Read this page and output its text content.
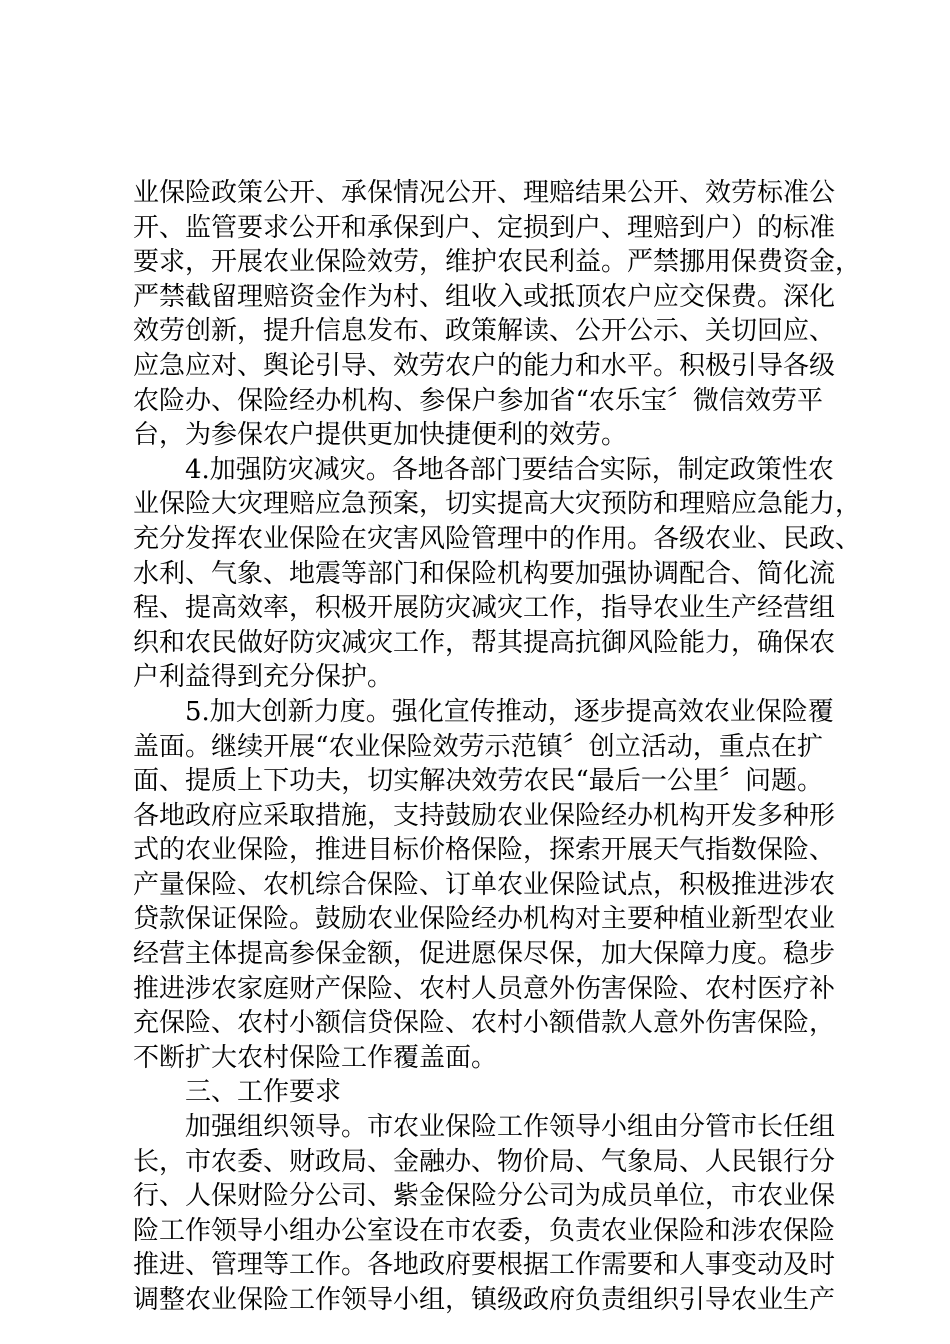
业保险政策公开、承保情况公开、理赔结果公开、效劳标准公
开、监管要求公开和承保到户、定损到户、理赔到户）的标准
要求，开展农业保险效劳，维护农民利益。严禁挪用保费资金，
严禁截留理赔资金作为村、组收入或抵顶农户应交保费。深化
效劳创新，提升信息发布、政策解读、公开公示、关切回应、
应急应对、舆论引导、效劳农户的能力和水平。积极引导各级
农险办、保险经办机构、参保户参加省“农乐宝〞微信效劳平
台，为参保农户提供更加快捷便利的效劳。
4.加强防灾减灾。各地各部门要结合实际，制定政策性农
业保险大灾理赔应急预案，切实提高大灾预防和理赔应急能力，
充分发挥农业保险在灾害风险管理中的作用。各级农业、民政、
水利、气象、地震等部门和保险机构要加强协调配合、简化流
程、提高效率，积极开展防灾减灾工作，指导农业生产经营组
织和农民做好防灾减灾工作，帮其提高抗御风险能力，确保农
户利益得到充分保护。
5.加大创新力度。强化宣传推动，逐步提高效农业保险覆
盖面。继续开展“农业保险效劳示范镇〞创立活动，重点在扩
面、提质上下功夫，切实解决效劳农民“最后一公里〞问题。
各地政府应采取措施，支持鼓励农业保险经办机构开发多种形
式的农业保险，推进目标价格保险，探索开展天气指数保险、
产量保险、农机综合保险、订单农业保险试点，积极推进涉农
贷款保证保险。鼓励农业保险经办机构对主要种植业新型农业
经营主体提高参保金额，促进愿保尽保，加大保障力度。稳步
推进涉农家庭财产保险、农村人员意外伤害保险、农村医疗补
充保险、农村小额信贷保险、农村小额借款人意外伤害保险，
不断扩大农村保险工作覆盖面。
三、工作要求
加强组织领导。市农业保险工作领导小组由分管市长任组
长，市农委、财政局、金融办、物价局、气象局、人民银行分
行、人保财险分公司、紫金保险分公司为成员单位，市农业保
险工作领导小组办公室设在市农委，负责农业保险和涉农保险
推进、管理等工作。各地政府要根据工作需要和人事变动及时
调整农业保险工作领导小组，镇级政府负责组织引导农业生产
